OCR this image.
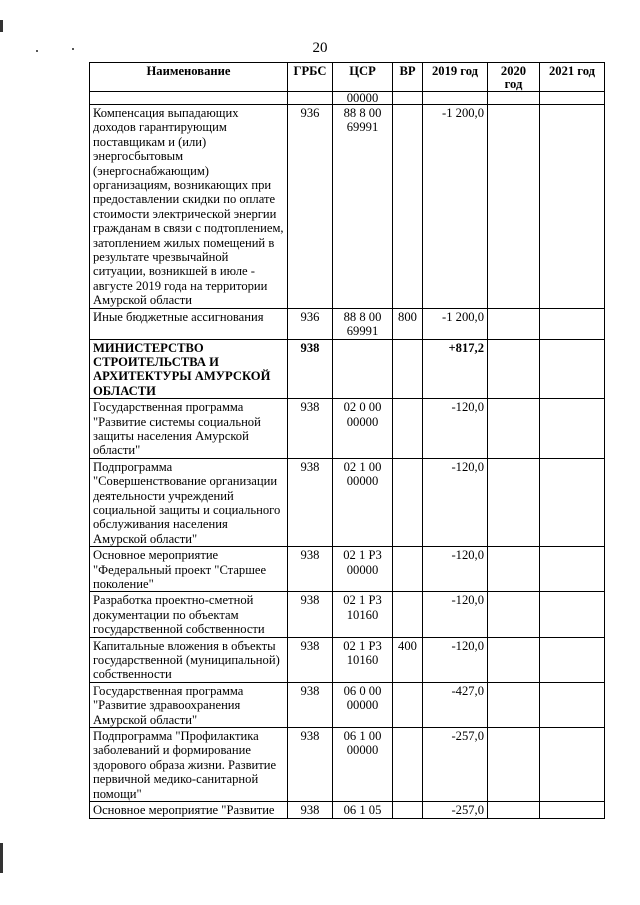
20
Наименование	ГРБС	ЦСР	ВР	2019 год	2020 год	2021 год
		00000				
Компенсация выпадающих доходов гарантирующим поставщикам и (или) энергосбытовым (энергоснабжающим) организациям, возникающих при предоставлении скидки по оплате стоимости электрической энергии гражданам в связи с подтоплением, затоплением жилых помещений в результате чрезвычайной ситуации, возникшей в июле - августе 2019 года на территории Амурской области	936	88 8 00 69991		-1 200,0		
Иные бюджетные ассигнования	936	88 8 00 69991	800	-1 200,0		
МИНИСТЕРСТВО СТРОИТЕЛЬСТВА И АРХИТЕКТУРЫ АМУРСКОЙ ОБЛАСТИ	938			+817,2		
Государственная программа "Развитие системы социальной защиты населения Амурской области"	938	02 0 00 00000		-120,0		
Подпрограмма "Совершенствование организации деятельности учреждений социальной защиты и социального обслуживания населения Амурской области"	938	02 1 00 00000		-120,0		
Основное мероприятие "Федеральный проект "Старшее поколение"	938	02 1 P3 00000		-120,0		
Разработка проектно-сметной документации по объектам государственной собственности	938	02 1 P3 10160		-120,0		
Капитальные вложения в объекты государственной (муниципальной) собственности	938	02 1 P3 10160	400	-120,0		
Государственная программа "Развитие здравоохранения Амурской области"	938	06 0 00 00000		-427,0		
Подпрограмма "Профилактика заболеваний и формирование здорового образа жизни. Развитие первичной медико-санитарной помощи"	938	06 1 00 00000		-257,0		
Основное мероприятие "Развитие	938	06 1 05		-257,0		
